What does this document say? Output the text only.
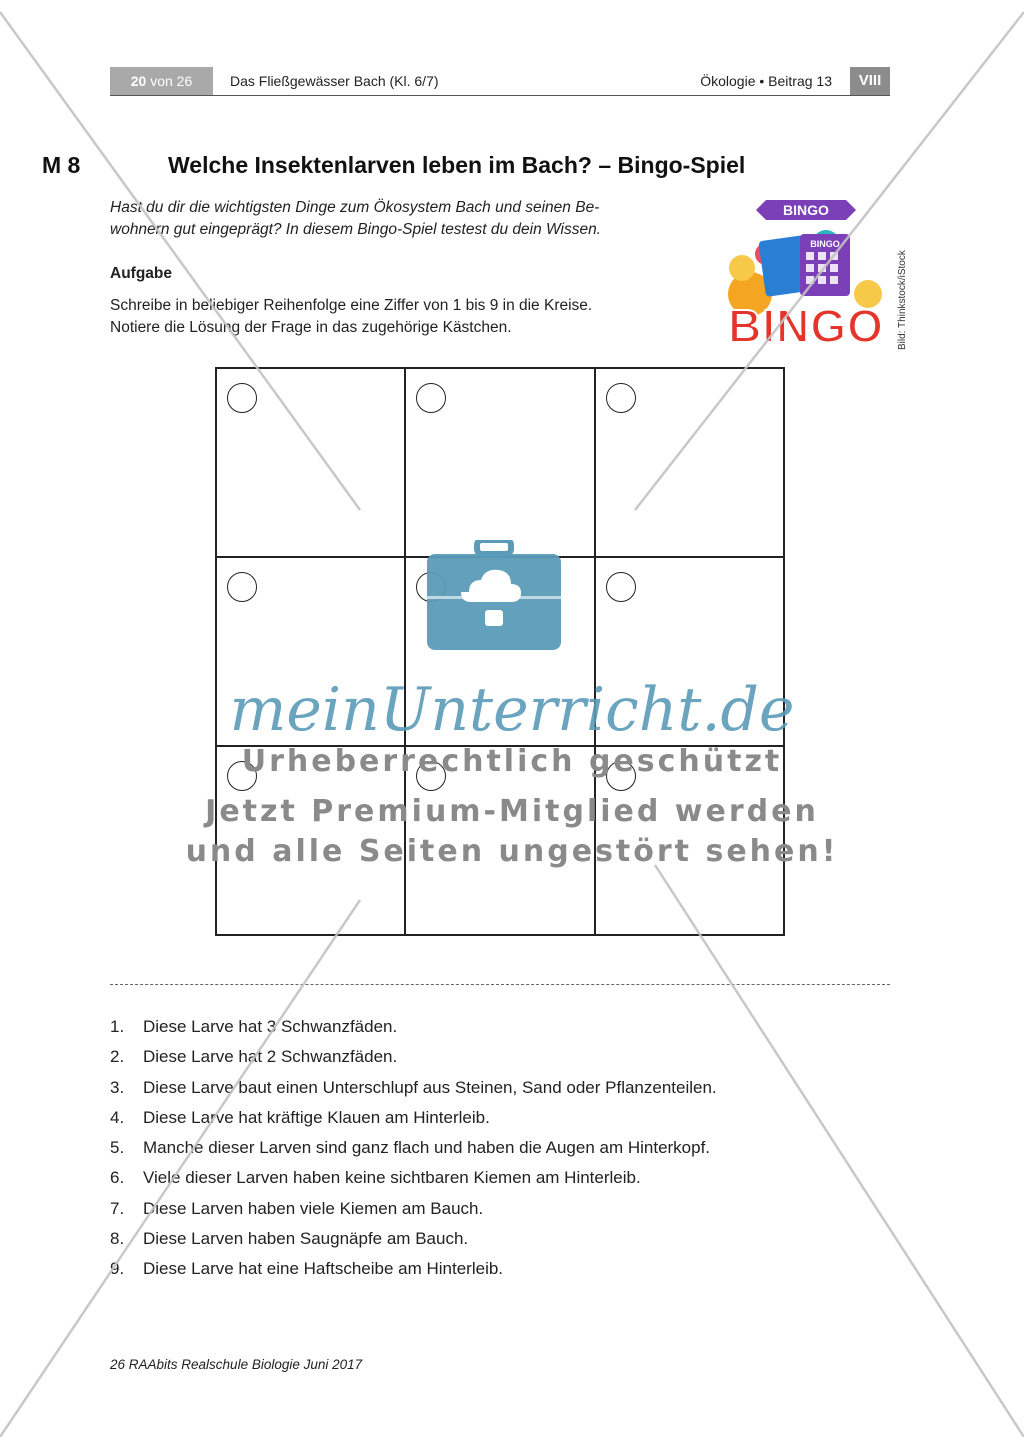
20 von 26	Das Fließgewässer Bach (Kl. 6/7)	Ökologie • Beitrag 13	VIII
M 8	Welche Insektenlarven leben im Bach? – Bingo-Spiel
Hast du dir die wichtigsten Dinge zum Ökosystem Bach und seinen Be-
wohnern gut eingeprägt? In diesem Bingo-Spiel testest du dein Wissen.
Aufgabe
Schreibe in beliebiger Reihenfolge eine Ziffer von 1 bis 9 in die Kreise.
Notiere die Lösung der Frage in das zugehörige Kästchen.
BINGO
BINGO
BINGO Bild: Thinkstock/iStock
1. Diese Larve hat 3 Schwanzfäden.
2. Diese Larve hat 2 Schwanzfäden.
3. Diese Larve baut einen Unterschlupf aus Steinen, Sand oder Pflanzenteilen.
4. Diese Larve hat kräftige Klauen am Hinterleib.
5. Manche dieser Larven sind ganz flach und haben die Augen am Hinterkopf.
6. Viele dieser Larven haben keine sichtbaren Kiemen am Hinterleib.
7. Diese Larven haben viele Kiemen am Bauch.
8. Diese Larven haben Saugnäpfe am Bauch.
9. Diese Larve hat eine Haftscheibe am Hinterleib.
26 RAAbits Realschule Biologie Juni 2017
meinUnterricht.de
Urheberrechtlich geschützt
Jetzt Premium-Mitglied werden
und alle Seiten ungestört sehen!
